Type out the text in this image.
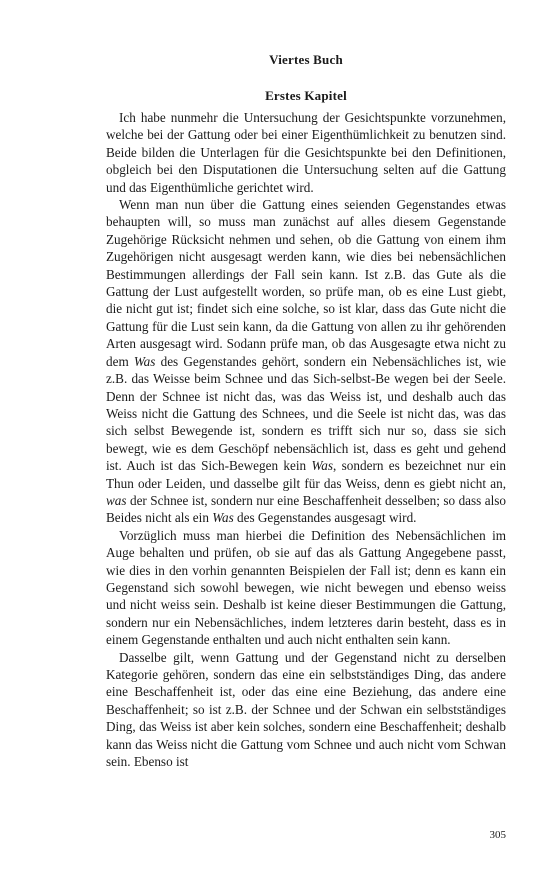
Viertes Buch
Erstes Kapitel

Ich habe nunmehr die Untersuchung der Gesichtspunkte vorzunehmen, welche bei der Gattung oder bei einer Eigenthümlichkeit zu benutzen sind. Beide bilden die Unterlagen für die Gesichtspunkte bei den Definitionen, obgleich bei den Disputationen die Untersuchung selten auf die Gattung und das Eigenthümliche gerichtet wird.

Wenn man nun über die Gattung eines seienden Gegenstandes etwas behaupten will, so muss man zunächst auf alles diesem Gegenstande Zugehörige Rücksicht nehmen und sehen, ob die Gattung von einem ihm Zugehörigen nicht ausgesagt werden kann, wie dies bei nebensächlichen Bestimmungen allerdings der Fall sein kann. Ist z.B. das Gute als die Gattung der Lust aufgestellt worden, so prüfe man, ob es eine Lust giebt, die nicht gut ist; findet sich eine solche, so ist klar, dass das Gute nicht die Gattung für die Lust sein kann, da die Gattung von allen zu ihr gehörenden Arten ausgesagt wird. Sodann prüfe man, ob das Ausgesagte etwa nicht zu dem Was des Gegenstandes gehört, sondern ein Nebensächliches ist, wie z.B. das Weisse beim Schnee und das Sich-selbst-Be wegen bei der Seele. Denn der Schnee ist nicht das, was das Weiss ist, und deshalb auch das Weiss nicht die Gattung des Schnees, und die Seele ist nicht das, was das sich selbst Bewegende ist, sondern es trifft sich nur so, dass sie sich bewegt, wie es dem Geschöpf nebensächlich ist, dass es geht und gehend ist. Auch ist das Sich-Bewegen kein Was, sondern es bezeichnet nur ein Thun oder Leiden, und dasselbe gilt für das Weiss, denn es giebt nicht an, was der Schnee ist, sondern nur eine Beschaffenheit desselben; so dass also Beides nicht als ein Was des Gegenstandes ausgesagt wird.

Vorzüglich muss man hierbei die Definition des Nebensächlichen im Auge behalten und prüfen, ob sie auf das als Gattung Angegebene passt, wie dies in den vorhin genannten Beispielen der Fall ist; denn es kann ein Gegenstand sich sowohl bewegen, wie nicht bewegen und ebenso weiss und nicht weiss sein. Deshalb ist keine dieser Bestimmungen die Gattung, sondern nur ein Nebensächliches, indem letzteres darin besteht, dass es in einem Gegenstande enthalten und auch nicht enthalten sein kann.

Dasselbe gilt, wenn Gattung und der Gegenstand nicht zu derselben Kategorie gehören, sondern das eine ein selbstständiges Ding, das andere eine Beschaffenheit ist, oder das eine eine Beziehung, das andere eine Beschaffenheit; so ist z.B. der Schnee und der Schwan ein selbstständiges Ding, das Weiss ist aber kein solches, sondern eine Beschaffenheit; deshalb kann das Weiss nicht die Gattung vom Schnee und auch nicht vom Schwan sein. Ebenso ist

305
